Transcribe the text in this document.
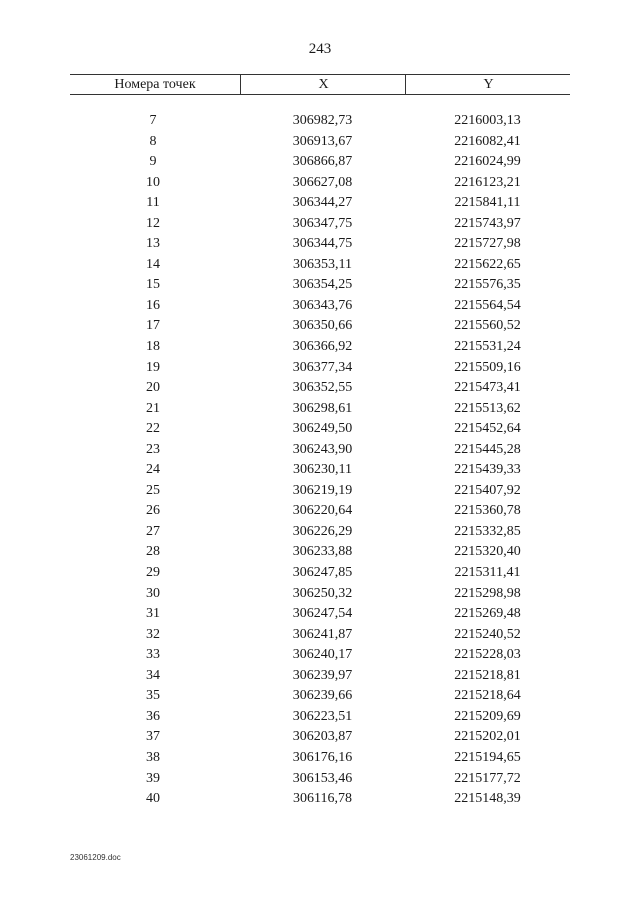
243
Номера точек	X	Y
7	306982,73	2216003,13
8	306913,67	2216082,41
9	306866,87	2216024,99
10	306627,08	2216123,21
11	306344,27	2215841,11
12	306347,75	2215743,97
13	306344,75	2215727,98
14	306353,11	2215622,65
15	306354,25	2215576,35
16	306343,76	2215564,54
17	306350,66	2215560,52
18	306366,92	2215531,24
19	306377,34	2215509,16
20	306352,55	2215473,41
21	306298,61	2215513,62
22	306249,50	2215452,64
23	306243,90	2215445,28
24	306230,11	2215439,33
25	306219,19	2215407,92
26	306220,64	2215360,78
27	306226,29	2215332,85
28	306233,88	2215320,40
29	306247,85	2215311,41
30	306250,32	2215298,98
31	306247,54	2215269,48
32	306241,87	2215240,52
33	306240,17	2215228,03
34	306239,97	2215218,81
35	306239,66	2215218,64
36	306223,51	2215209,69
37	306203,87	2215202,01
38	306176,16	2215194,65
39	306153,46	2215177,72
40	306116,78	2215148,39
23061209.doc
